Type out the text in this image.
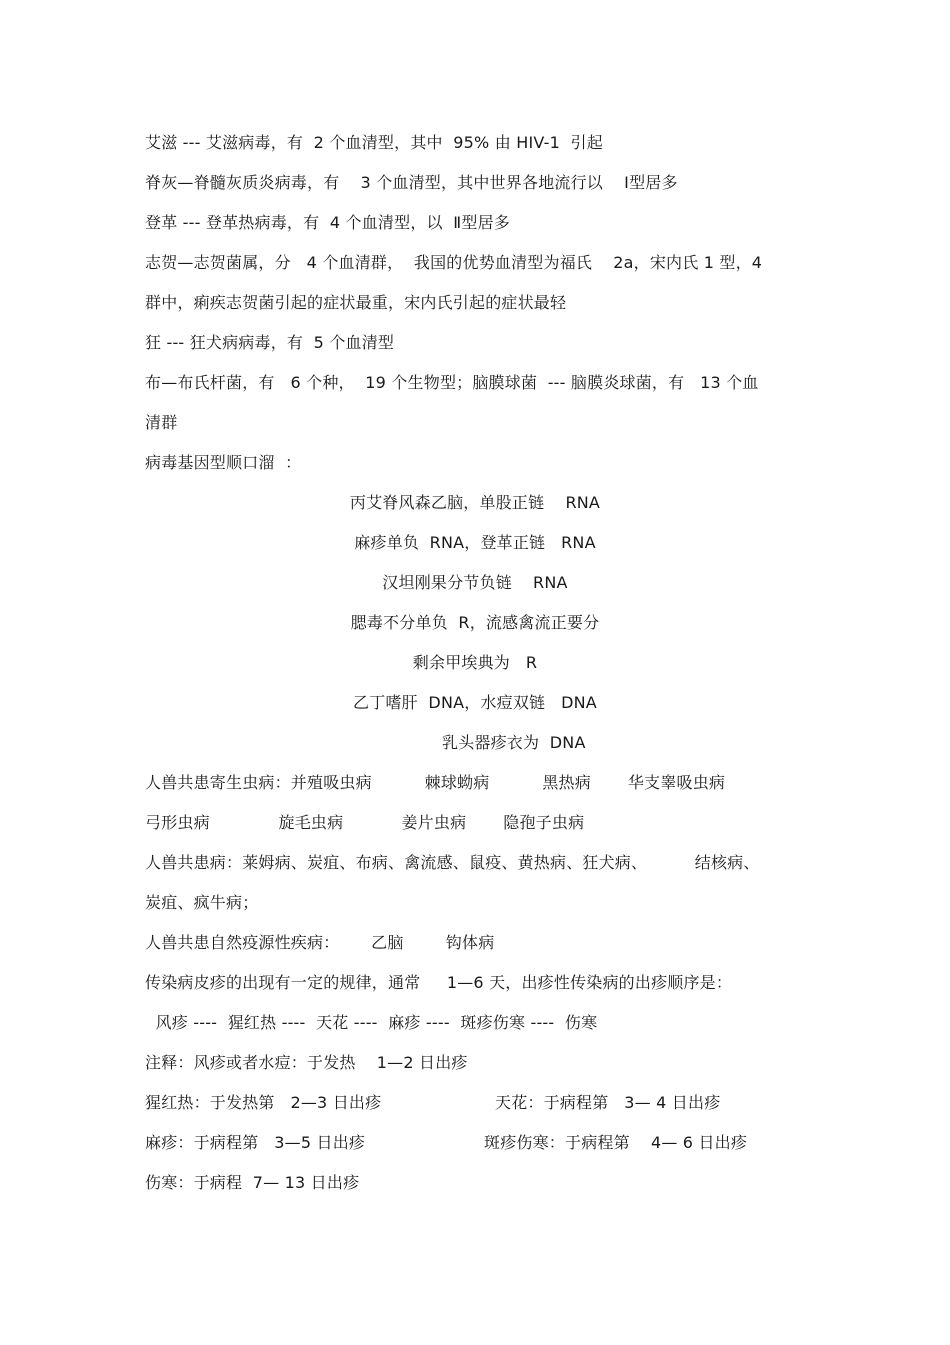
艾滋 --- 艾滋病毒，有  2 个血清型，其中  95% 由 HIV-1  引起
脊灰—脊髓灰质炎病毒，有    3 个血清型，其中世界各地流行以    Ⅰ型居多
登革 --- 登革热病毒，有  4 个血清型，以  Ⅱ型居多
志贺—志贺菌属，分   4 个血清群，  我国的优势血清型为福氏    2a，宋内氏 1 型，4
群中，痢疾志贺菌引起的症状最重，宋内氏引起的症状最轻
狂 --- 狂犬病病毒，有  5 个血清型
布—布氏杆菌，有   6 个种，  19 个生物型；脑膜球菌  --- 脑膜炎球菌，有   13 个血
清群
病毒基因型顺口溜  ：
丙艾脊风森乙脑，单股正链    RNA
麻疹单负  RNA，登革正链   RNA
汉坦刚果分节负链    RNA
腮毒不分单负  R，流感禽流正要分
剩余甲埃典为   R
乙丁嗜肝  DNA，水痘双链   DNA
乳头器疹衣为  DNA
人兽共患寄生虫病：并殖吸虫病          棘球蚴病          黑热病       华支睾吸虫病
弓形虫病             旋毛虫病           姜片虫病       隐孢子虫病
人兽共患病：莱姆病、炭疽、布病、禽流感、鼠疫、黄热病、狂犬病、         结核病、
炭疽、疯牛病；
人兽共患自然疫源性疾病：      乙脑        钩体病
传染病皮疹的出现有一定的规律，通常     1—6 天，出疹性传染病的出疹顺序是：
风疹 ----  猩红热 ----  天花 ----  麻疹 ----  斑疹伤寒 ----  伤寒
注释：风疹或者水痘：于发热    1—2 日出疹
猩红热：于发热第   2—3 日出疹	天花：于病程第   3— 4 日出疹
麻疹：于病程第   3—5 日出疹	斑疹伤寒：于病程第    4— 6 日出疹
伤寒：于病程  7— 13 日出疹
